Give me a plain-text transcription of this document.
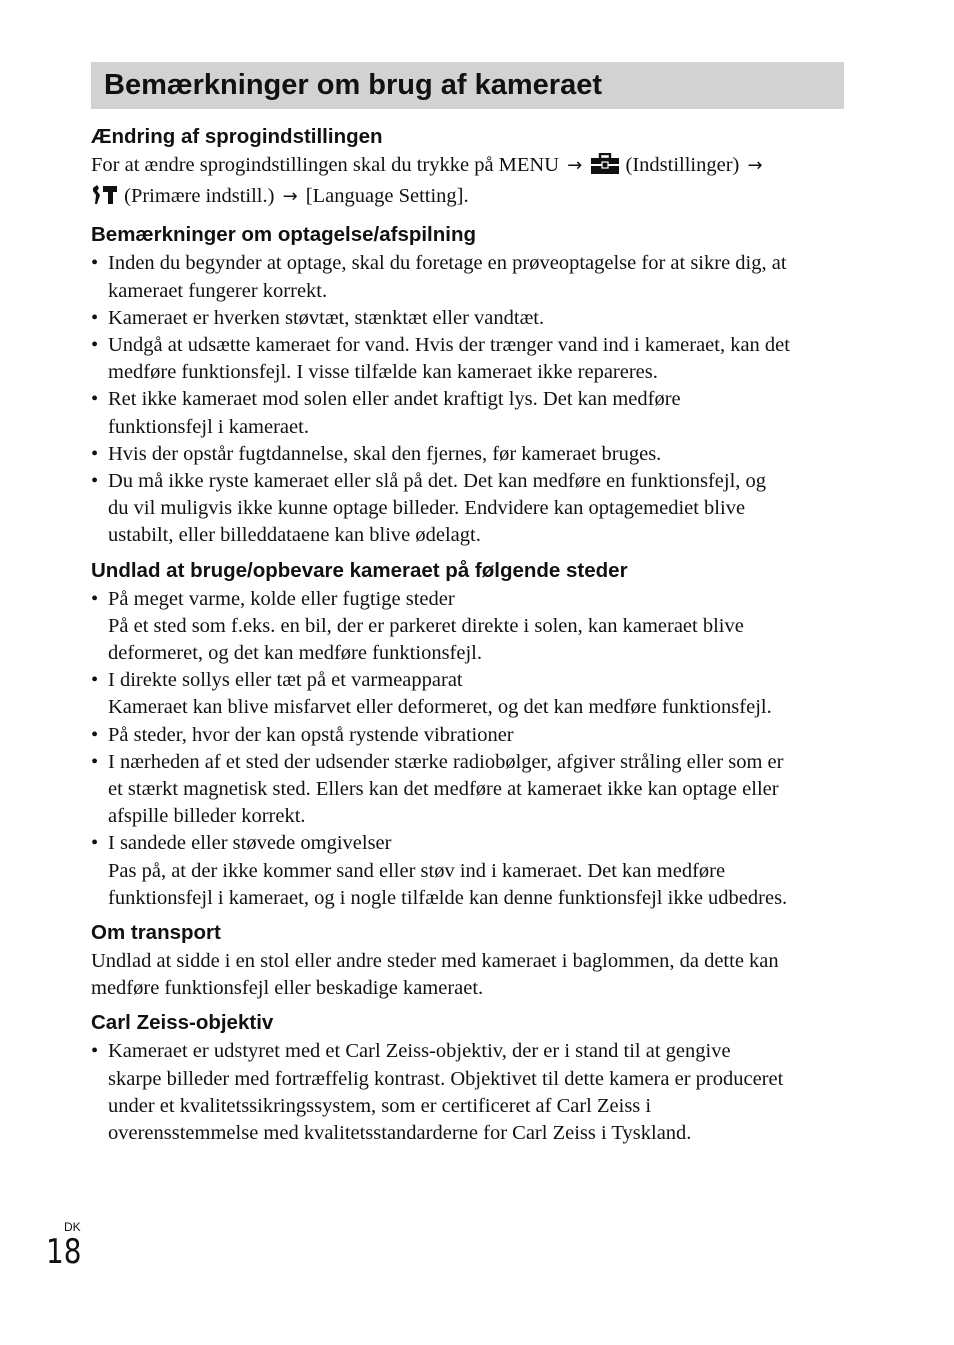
Bemærkninger om brug af kameraet
Ændring af sprogindstillingen

For at ændre sprogindstillingen skal du trykke på MENU → (Indstillinger) →
(Primære indstill.) → [Language Setting].

Bemærkninger om optagelse/afspilning
• Inden du begynder at optage, skal du foretage en prøveoptagelse for at sikre dig, at
kameraet fungerer korrekt.
• Kameraet er hverken støvtæt, stænktæt eller vandtæt.
• Undgå at udsætte kameraet for vand. Hvis der trænger vand ind i kameraet, kan det
medføre funktionsfejl. I visse tilfælde kan kameraet ikke repareres.
• Ret ikke kameraet mod solen eller andet kraftigt lys. Det kan medføre
funktionsfejl i kameraet.
• Hvis der opstår fugtdannelse, skal den fjernes, før kameraet bruges.
• Du må ikke ryste kameraet eller slå på det. Det kan medføre en funktionsfejl, og
du vil muligvis ikke kunne optage billeder. Endvidere kan optagemediet blive
ustabilt, eller billeddataene kan blive ødelagt.
Undlad at bruge/opbevare kameraet på følgende steder
• På meget varme, kolde eller fugtige steder
På et sted som f.eks. en bil, der er parkeret direkte i solen, kan kameraet blive
deformeret, og det kan medføre funktionsfejl.
• I direkte sollys eller tæt på et varmeapparat
Kameraet kan blive misfarvet eller deformeret, og det kan medføre funktionsfejl.
• På steder, hvor der kan opstå rystende vibrationer
• I nærheden af et sted der udsender stærke radiobølger, afgiver stråling eller som er
et stærkt magnetisk sted. Ellers kan det medføre at kameraet ikke kan optage eller
afspille billeder korrekt.
• I sandede eller støvede omgivelser
Pas på, at der ikke kommer sand eller støv ind i kameraet. Det kan medføre
funktionsfejl i kameraet, og i nogle tilfælde kan denne funktionsfejl ikke udbedres.
Om transport

Undlad at sidde i en stol eller andre steder med kameraet i baglommen, da dette kan
medføre funktionsfejl eller beskadige kameraet.

Carl Zeiss-objektiv
• Kameraet er udstyret med et Carl Zeiss-objektiv, der er i stand til at gengive
skarpe billeder med fortræffelig kontrast. Objektivet til dette kamera er produceret
under et kvalitetssikringssystem, som er certificeret af Carl Zeiss i
overensstemmelse med kvalitetsstandarderne for Carl Zeiss i Tyskland.
DK
18
